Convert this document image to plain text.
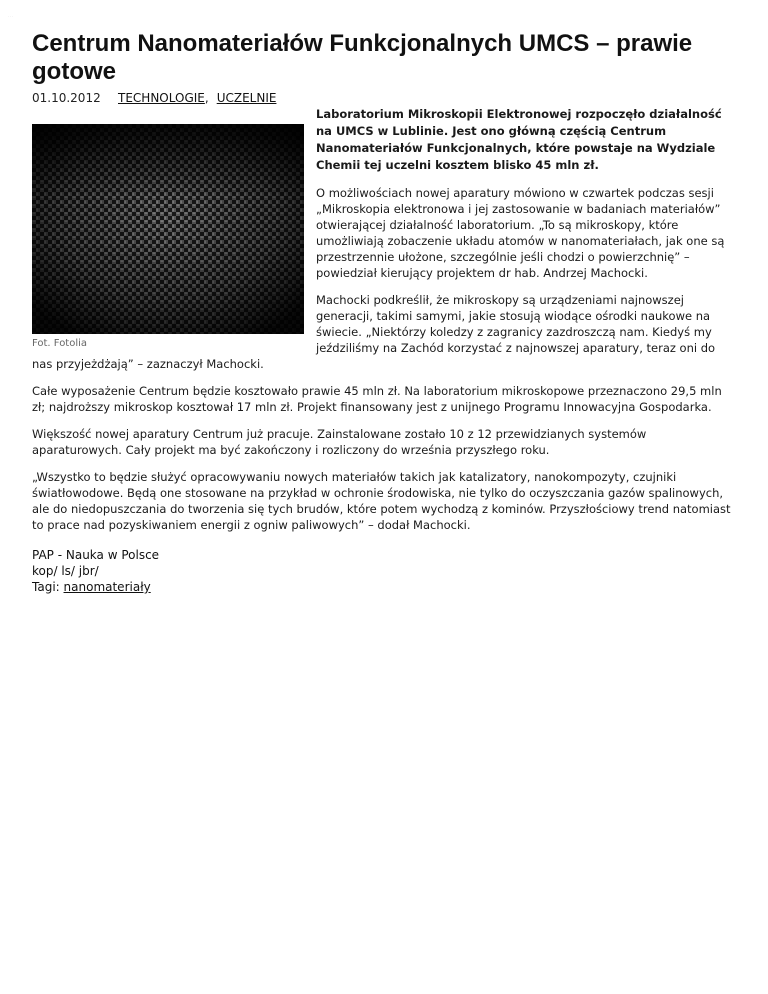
· · ·
Centrum Nanomateriałów Funkcjonalnych UMCS – prawie gotowe
01.10.2012	TECHNOLOGIE , UCZELNIE
Fot. Fotolia

Laboratorium Mikroskopii Elektronowej rozpoczęło działalność na UMCS w Lublinie. Jest ono główną częścią Centrum Nanomateriałów Funkcjonalnych, które powstaje na Wydziale Chemii tej uczelni kosztem blisko 45 mln zł.

O możliwościach nowej aparatury mówiono w czwartek podczas sesji „Mikroskopia elektronowa i jej zastosowanie w badaniach materiałów” otwierającej działalność laboratorium. „To są mikroskopy, które umożliwiają zobaczenie układu atomów w nanomateriałach, jak one są przestrzennie ułożone, szczególnie jeśli chodzi o powierzchnię” – powiedział kierujący projektem dr hab. Andrzej Machocki.

Machocki podkreślił, że mikroskopy są urządzeniami najnowszej generacji, takimi samymi, jakie stosują wiodące ośrodki naukowe na świecie. „Niektórzy koledzy z zagranicy zazdroszczą nam. Kiedyś my jeździliśmy na Zachód korzystać z najnowszej aparatury, teraz oni do nas przyjeżdżają” – zaznaczył Machocki.

Całe wyposażenie Centrum będzie kosztowało prawie 45 mln zł. Na laboratorium mikroskopowe przeznaczono 29,5 mln zł; najdroższy mikroskop kosztował 17 mln zł. Projekt finansowany jest z unijnego Programu Innowacyjna Gospodarka.

Większość nowej aparatury Centrum już pracuje. Zainstalowane zostało 10 z 12 przewidzianych systemów aparaturowych. Cały projekt ma być zakończony i rozliczony do września przyszłego roku.

„Wszystko to będzie służyć opracowywaniu nowych materiałów takich jak katalizatory, nanokompozyty, czujniki światłowodowe. Będą one stosowane na przykład w ochronie środowiska, nie tylko do oczyszczania gazów spalinowych, ale do niedopuszczania do tworzenia się tych brudów, które potem wychodzą z kominów. Przyszłościowy trend natomiast to prace nad pozyskiwaniem energii z ogniw paliwowych” – dodał Machocki.

PAP - Nauka w Polsce
kop/ ls/ jbr/
Tagi: nanomateriały
